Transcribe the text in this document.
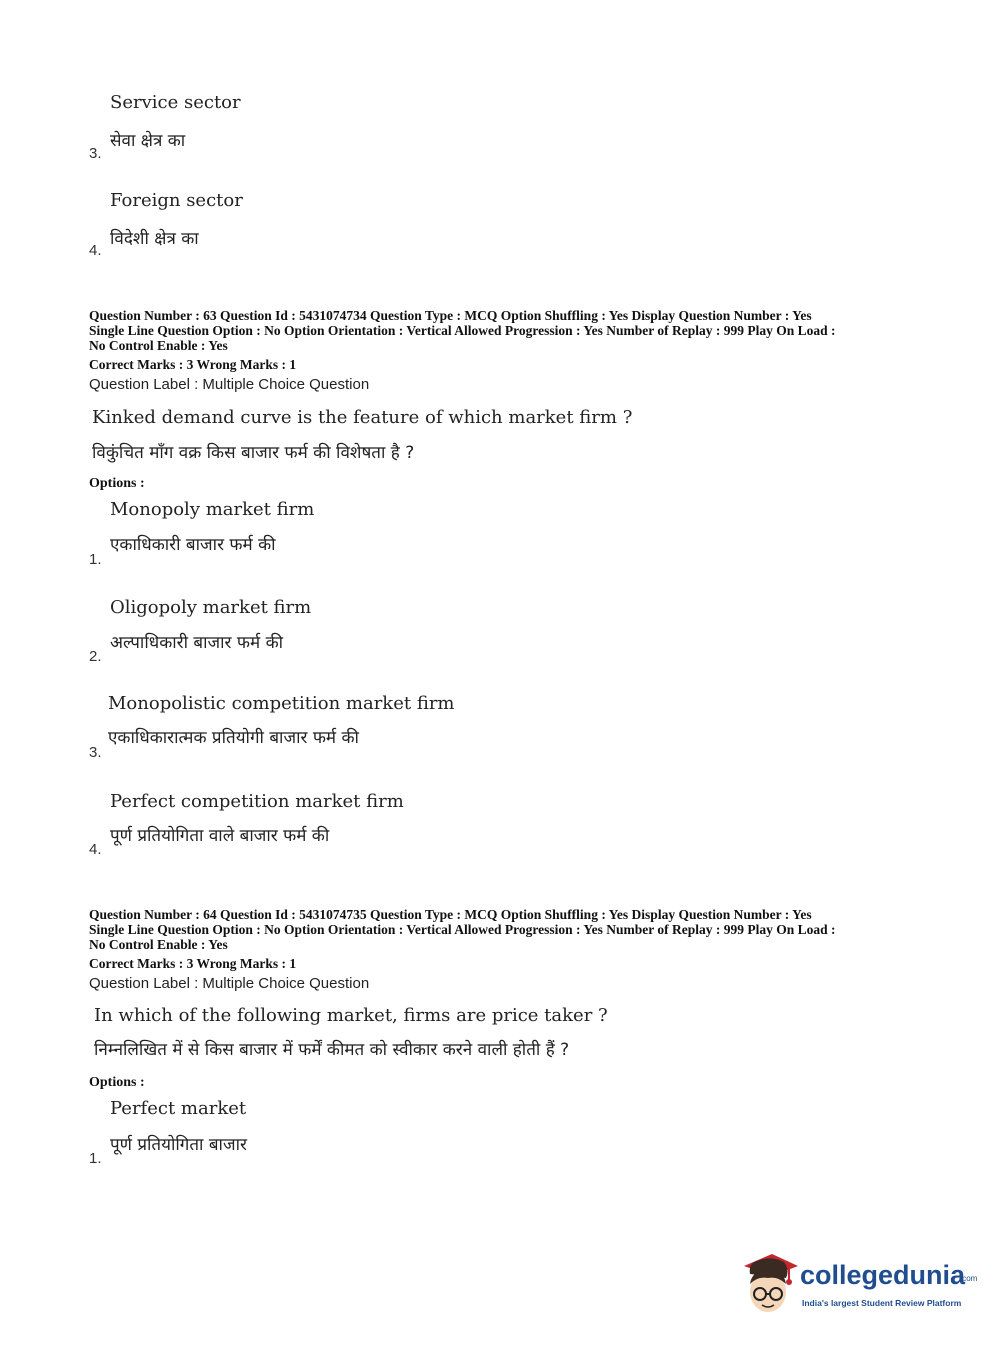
Service sector
सेवा क्षेत्र का
3.
Foreign sector
विदेशी क्षेत्र का
4.
Question Number : 63 Question Id : 5431074734 Question Type : MCQ Option Shuffling : Yes Display Question Number : Yes
Single Line Question Option : No Option Orientation : Vertical Allowed Progression : Yes Number of Replay : 999 Play On Load :
No Control Enable : Yes
Correct Marks : 3 Wrong Marks : 1
Question Label : Multiple Choice Question
Kinked demand curve is the feature of which market firm ?
विकुंचित माँग वक्र किस बाजार फर्म की विशेषता है ?
Options :
Monopoly market firm
एकाधिकारी बाजार फर्म की
1.
Oligopoly market firm
अल्पाधिकारी बाजार फर्म की
2.
Monopolistic competition market firm
एकाधिकारात्मक प्रतियोगी बाजार फर्म की
3.
Perfect competition market firm
पूर्ण प्रतियोगिता वाले बाजार फर्म की
4.
Question Number : 64 Question Id : 5431074735 Question Type : MCQ Option Shuffling : Yes Display Question Number : Yes
Single Line Question Option : No Option Orientation : Vertical Allowed Progression : Yes Number of Replay : 999 Play On Load :
No Control Enable : Yes
Correct Marks : 3 Wrong Marks : 1
Question Label : Multiple Choice Question
In which of the following market, firms are price taker ?
निम्नलिखित में से किस बाजार में फर्में कीमत को स्वीकार करने वाली होती हैं ?
Options :
Perfect market
पूर्ण प्रतियोगिता बाजार
1.
collegedunia
.com
India's largest Student Review Platform
